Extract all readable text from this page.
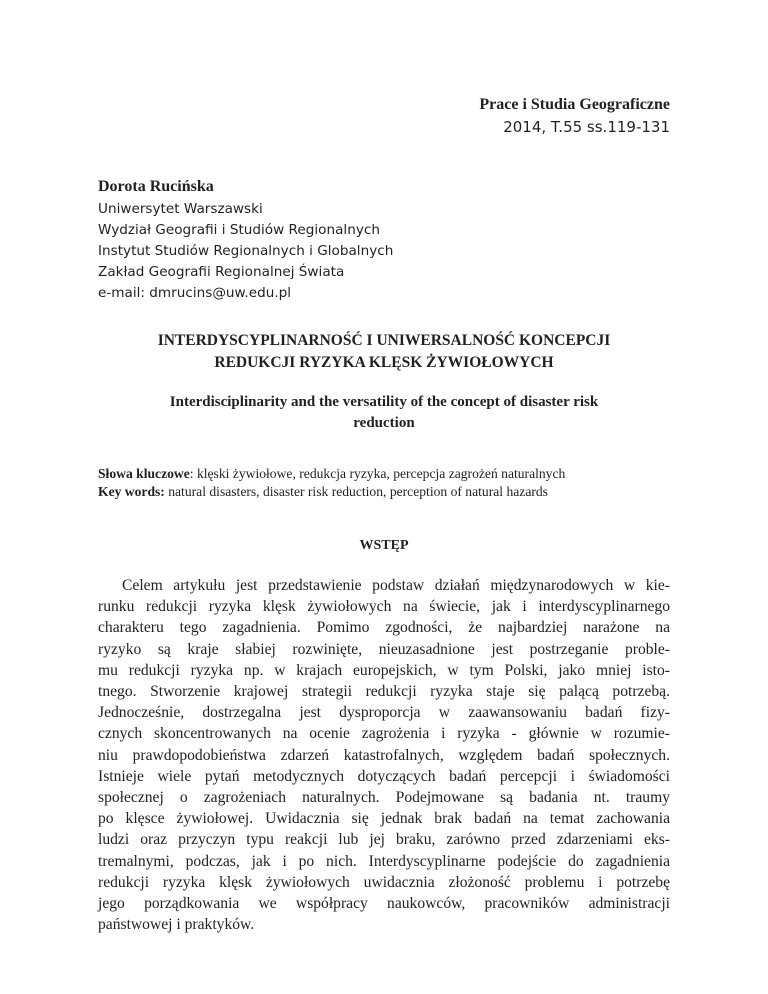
Prace i Studia Geograficzne
2014, T.55 ss.119-131
Dorota Rucińska
Uniwersytet Warszawski
Wydział Geografii i Studiów Regionalnych
Instytut Studiów Regionalnych i Globalnych
Zakład Geografii Regionalnej Świata
e-mail: dmrucins@uw.edu.pl
INTERDYSCYPLINARNOŚĆ I UNIWERSALNOŚĆ KONCEPCJI
REDUKCJI RYZYKA KLĘSK ŻYWIOŁOWYCH
Interdisciplinarity and the versatility of the concept of disaster risk
reduction
Słowa kluczowe: klęski żywiołowe, redukcja ryzyka, percepcja zagrożeń naturalnych
Key words: natural disasters, disaster risk reduction, perception of natural hazards
WSTĘP
Celem artykułu jest przedstawienie podstaw działań międzynarodowych w kie-
runku redukcji ryzyka klęsk żywiołowych na świecie, jak i interdyscyplinarnego
charakteru tego zagadnienia. Pomimo zgodności, że najbardziej narażone na
ryzyko są kraje słabiej rozwinięte, nieuzasadnione jest postrzeganie proble-
mu redukcji ryzyka np. w krajach europejskich, w tym Polski, jako mniej isto-
tnego. Stworzenie krajowej strategii redukcji ryzyka staje się palącą potrzebą.
Jednocześnie, dostrzegalna jest dysproporcja w zaawansowaniu badań fizy-
cznych skoncentrowanych na ocenie zagrożenia i ryzyka - głównie w rozumie-
niu prawdopodobieństwa zdarzeń katastrofalnych, względem badań społecznych.
Istnieje wiele pytań metodycznych dotyczących badań percepcji i świadomości
społecznej o zagrożeniach naturalnych. Podejmowane są badania nt. traumy
po klęsce żywiołowej. Uwidacznia się jednak brak badań na temat zachowania
ludzi oraz przyczyn typu reakcji lub jej braku, zarówno przed zdarzeniami eks-
tremalnymi, podczas, jak i po nich. Interdyscyplinarne podejście do zagadnienia
redukcji ryzyka klęsk żywiołowych uwidacznia złożoność problemu i potrzebę
jego porządkowania we współpracy naukowców, pracowników administracji
państwowej i praktyków.
